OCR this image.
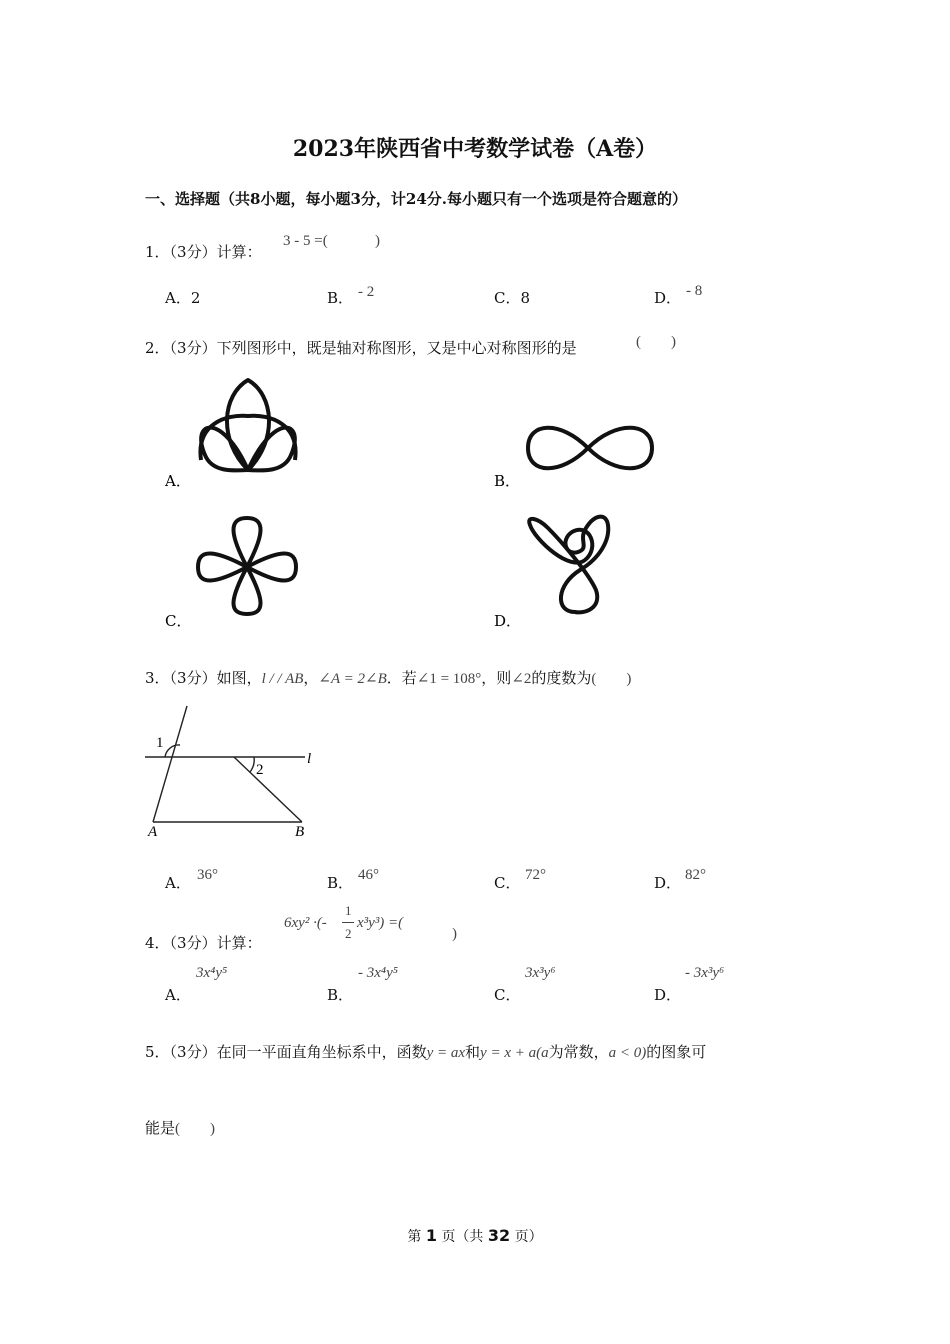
2023年陕西省中考数学试卷（A卷）
一、选择题（共8小题，每小题3分，计24分.每小题只有一个选项是符合题意的）
1．（3分）计算：
3 - 5 =(	)
A．2	B． - 2	C．8	D． - 8
2．（3分）下列图形中，既是轴对称图形，又是中心对称图形的是	(　　)
A．	B．
C．	D．
3．（3分）如图，l / / AB，∠A = 2∠B．若∠1 = 108°，则∠2的度数为(　　)
1
2
l
A	B
A． 36°	B． 46°	C． 72°	D． 82°
4．（3分）计算：
6xy² ·(-
1
2
x³y³) =(
)
A．
3x⁴y⁵
B．
- 3x⁴y⁵
C．
3x³y⁶
D．
- 3x³y⁶
5．（3分）在同一平面直角坐标系中，函数y = ax和y = x + a(a为常数，a < 0)的图象可
能是(　　)
第 1 页（共 32 页）
